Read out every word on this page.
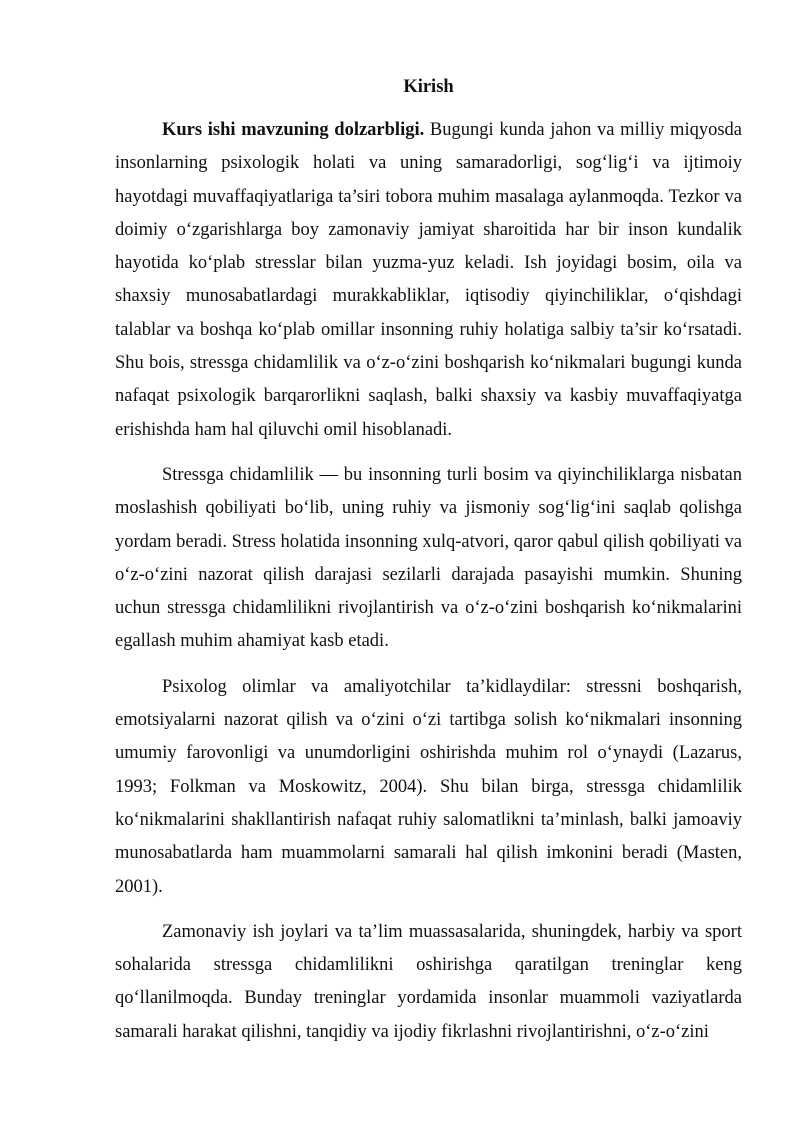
Kirish

Kurs ishi mavzuning dolzarbligi. Bugungi kunda jahon va milliy miqyosda insonlarning psixologik holati va uning samaradorligi, sog‘lig‘i va ijtimoiy hayotdagi muvaffaqiyatlariga ta’siri tobora muhim masalaga aylanmoqda. Tezkor va doimiy o‘zgarishlarga boy zamonaviy jamiyat sharoitida har bir inson kundalik hayotida ko‘plab stresslar bilan yuzma-yuz keladi. Ish joyidagi bosim, oila va shaxsiy munosabatlardagi murakkabliklar, iqtisodiy qiyinchiliklar, o‘qishdagi talablar va boshqa ko‘plab omillar insonning ruhiy holatiga salbiy ta’sir ko‘rsatadi. Shu bois, stressga chidamlilik va o‘z-o‘zini boshqarish ko‘nikmalari bugungi kunda nafaqat psixologik barqarorlikni saqlash, balki shaxsiy va kasbiy muvaffaqiyatga erishishda ham hal qiluvchi omil hisoblanadi.

Stressga chidamlilik — bu insonning turli bosim va qiyinchiliklarga nisbatan moslashish qobiliyati bo‘lib, uning ruhiy va jismoniy sog‘lig‘ini saqlab qolishga yordam beradi. Stress holatida insonning xulq-atvori, qaror qabul qilish qobiliyati va o‘z-o‘zini nazorat qilish darajasi sezilarli darajada pasayishi mumkin. Shuning uchun stressga chidamlilikni rivojlantirish va o‘z-o‘zini boshqarish ko‘nikmalarini egallash muhim ahamiyat kasb etadi.

Psixolog olimlar va amaliyotchilar ta’kidlaydilar: stressni boshqarish, emotsiyalarni nazorat qilish va o‘zini o‘zi tartibga solish ko‘nikmalari insonning umumiy farovonligi va unumdorligini oshirishda muhim rol o‘ynaydi (Lazarus, 1993; Folkman va Moskowitz, 2004). Shu bilan birga, stressga chidamlilik ko‘nikmalarini shakllantirish nafaqat ruhiy salomatlikni ta’minlash, balki jamoaviy munosabatlarda ham muammolarni samarali hal qilish imkonini beradi (Masten, 2001).

Zamonaviy ish joylari va ta’lim muassasalarida, shuningdek, harbiy va sport sohalarida stressga chidamlilikni oshirishga qaratilgan treninglar keng qo‘llanilmoqda. Bunday treninglar yordamida insonlar muammoli vaziyatlarda samarali harakat qilishni, tanqidiy va ijodiy fikrlashni rivojlantirishni, o‘z-o‘zini
